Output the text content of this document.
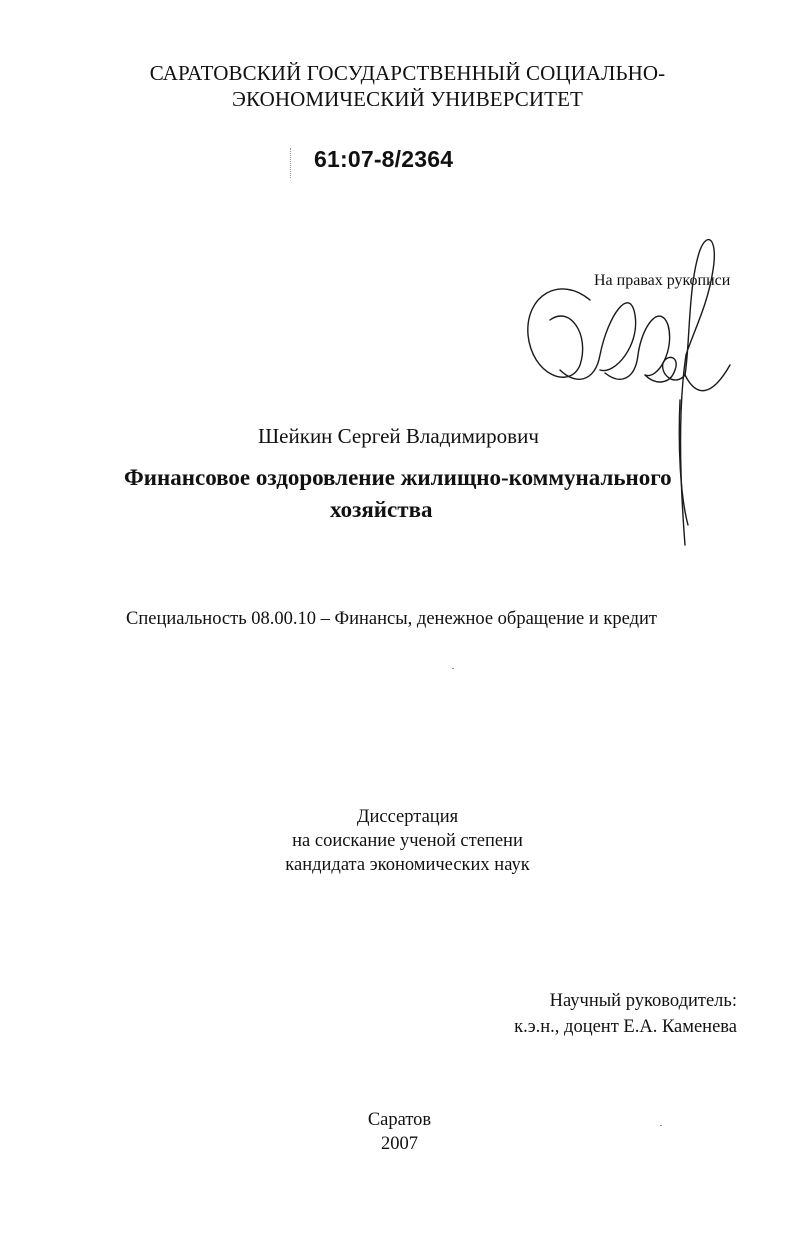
САРАТОВСКИЙ ГОСУДАРСТВЕННЫЙ СОЦИАЛЬНО-
ЭКОНОМИЧЕСКИЙ УНИВЕРСИТЕТ
61:07-8/2364
На правах рукописи
Шейкин Сергей Владимирович
Финансовое оздоровление жилищно-коммунального
хозяйства
Специальность 08.00.10 – Финансы, денежное обращение и кредит
Диссертация
на соискание ученой степени
кандидата экономических наук
Научный руководитель:
к.э.н., доцент Е.А. Каменева
Саратов
2007
